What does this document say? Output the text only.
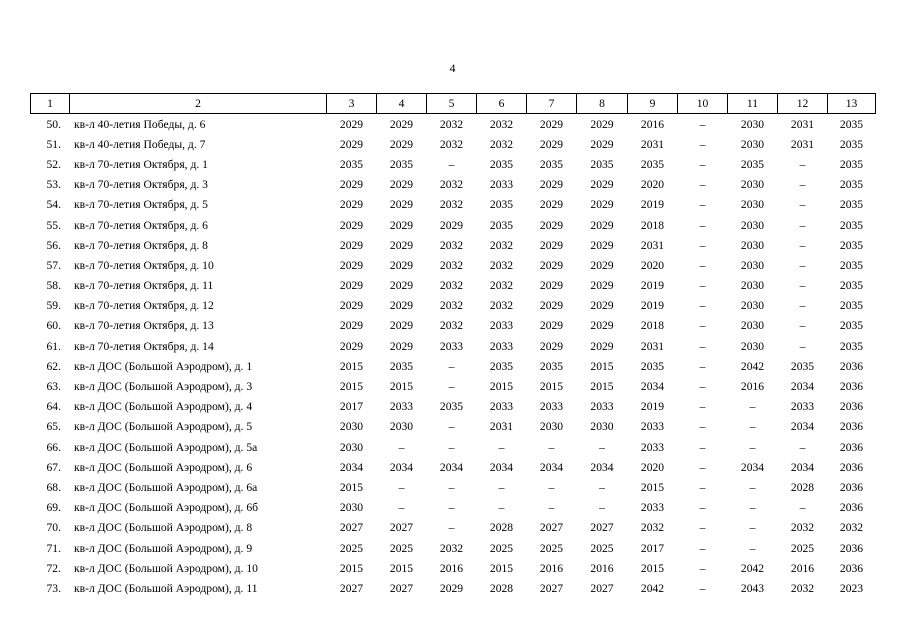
4
1	2	3	4	5	6	7	8	9	10	11	12	13
50.	кв-л 40-летия Победы, д. 6	2029	2029	2032	2032	2029	2029	2016	–	2030	2031	2035
51.	кв-л 40-летия Победы, д. 7	2029	2029	2032	2032	2029	2029	2031	–	2030	2031	2035
52.	кв-л 70-летия Октября, д. 1	2035	2035	–	2035	2035	2035	2035	–	2035	–	2035
53.	кв-л 70-летия Октября, д. 3	2029	2029	2032	2033	2029	2029	2020	–	2030	–	2035
54.	кв-л 70-летия Октября, д. 5	2029	2029	2032	2035	2029	2029	2019	–	2030	–	2035
55.	кв-л 70-летия Октября, д. 6	2029	2029	2029	2035	2029	2029	2018	–	2030	–	2035
56.	кв-л 70-летия Октября, д. 8	2029	2029	2032	2032	2029	2029	2031	–	2030	–	2035
57.	кв-л 70-летия Октября, д. 10	2029	2029	2032	2032	2029	2029	2020	–	2030	–	2035
58.	кв-л 70-летия Октября, д. 11	2029	2029	2032	2032	2029	2029	2019	–	2030	–	2035
59.	кв-л 70-летия Октября, д. 12	2029	2029	2032	2032	2029	2029	2019	–	2030	–	2035
60.	кв-л 70-летия Октября, д. 13	2029	2029	2032	2033	2029	2029	2018	–	2030	–	2035
61.	кв-л 70-летия Октября, д. 14	2029	2029	2033	2033	2029	2029	2031	–	2030	–	2035
62.	кв-л ДОС (Большой Аэродром), д. 1	2015	2035	–	2035	2035	2015	2035	–	2042	2035	2036
63.	кв-л ДОС (Большой Аэродром), д. 3	2015	2015	–	2015	2015	2015	2034	–	2016	2034	2036
64.	кв-л ДОС (Большой Аэродром), д. 4	2017	2033	2035	2033	2033	2033	2019	–	–	2033	2036
65.	кв-л ДОС (Большой Аэродром), д. 5	2030	2030	–	2031	2030	2030	2033	–	–	2034	2036
66.	кв-л ДОС (Большой Аэродром), д. 5а	2030	–	–	–	–	–	2033	–	–	–	2036
67.	кв-л ДОС (Большой Аэродром), д. 6	2034	2034	2034	2034	2034	2034	2020	–	2034	2034	2036
68.	кв-л ДОС (Большой Аэродром), д. 6а	2015	–	–	–	–	–	2015	–	–	2028	2036
69.	кв-л ДОС (Большой Аэродром), д. 6б	2030	–	–	–	–	–	2033	–	–	–	2036
70.	кв-л ДОС (Большой Аэродром), д. 8	2027	2027	–	2028	2027	2027	2032	–	–	2032	2032
71.	кв-л ДОС (Большой Аэродром), д. 9	2025	2025	2032	2025	2025	2025	2017	–	–	2025	2036
72.	кв-л ДОС (Большой Аэродром), д. 10	2015	2015	2016	2015	2016	2016	2015	–	2042	2016	2036
73.	кв-л ДОС (Большой Аэродром), д. 11	2027	2027	2029	2028	2027	2027	2042	–	2043	2032	2023
